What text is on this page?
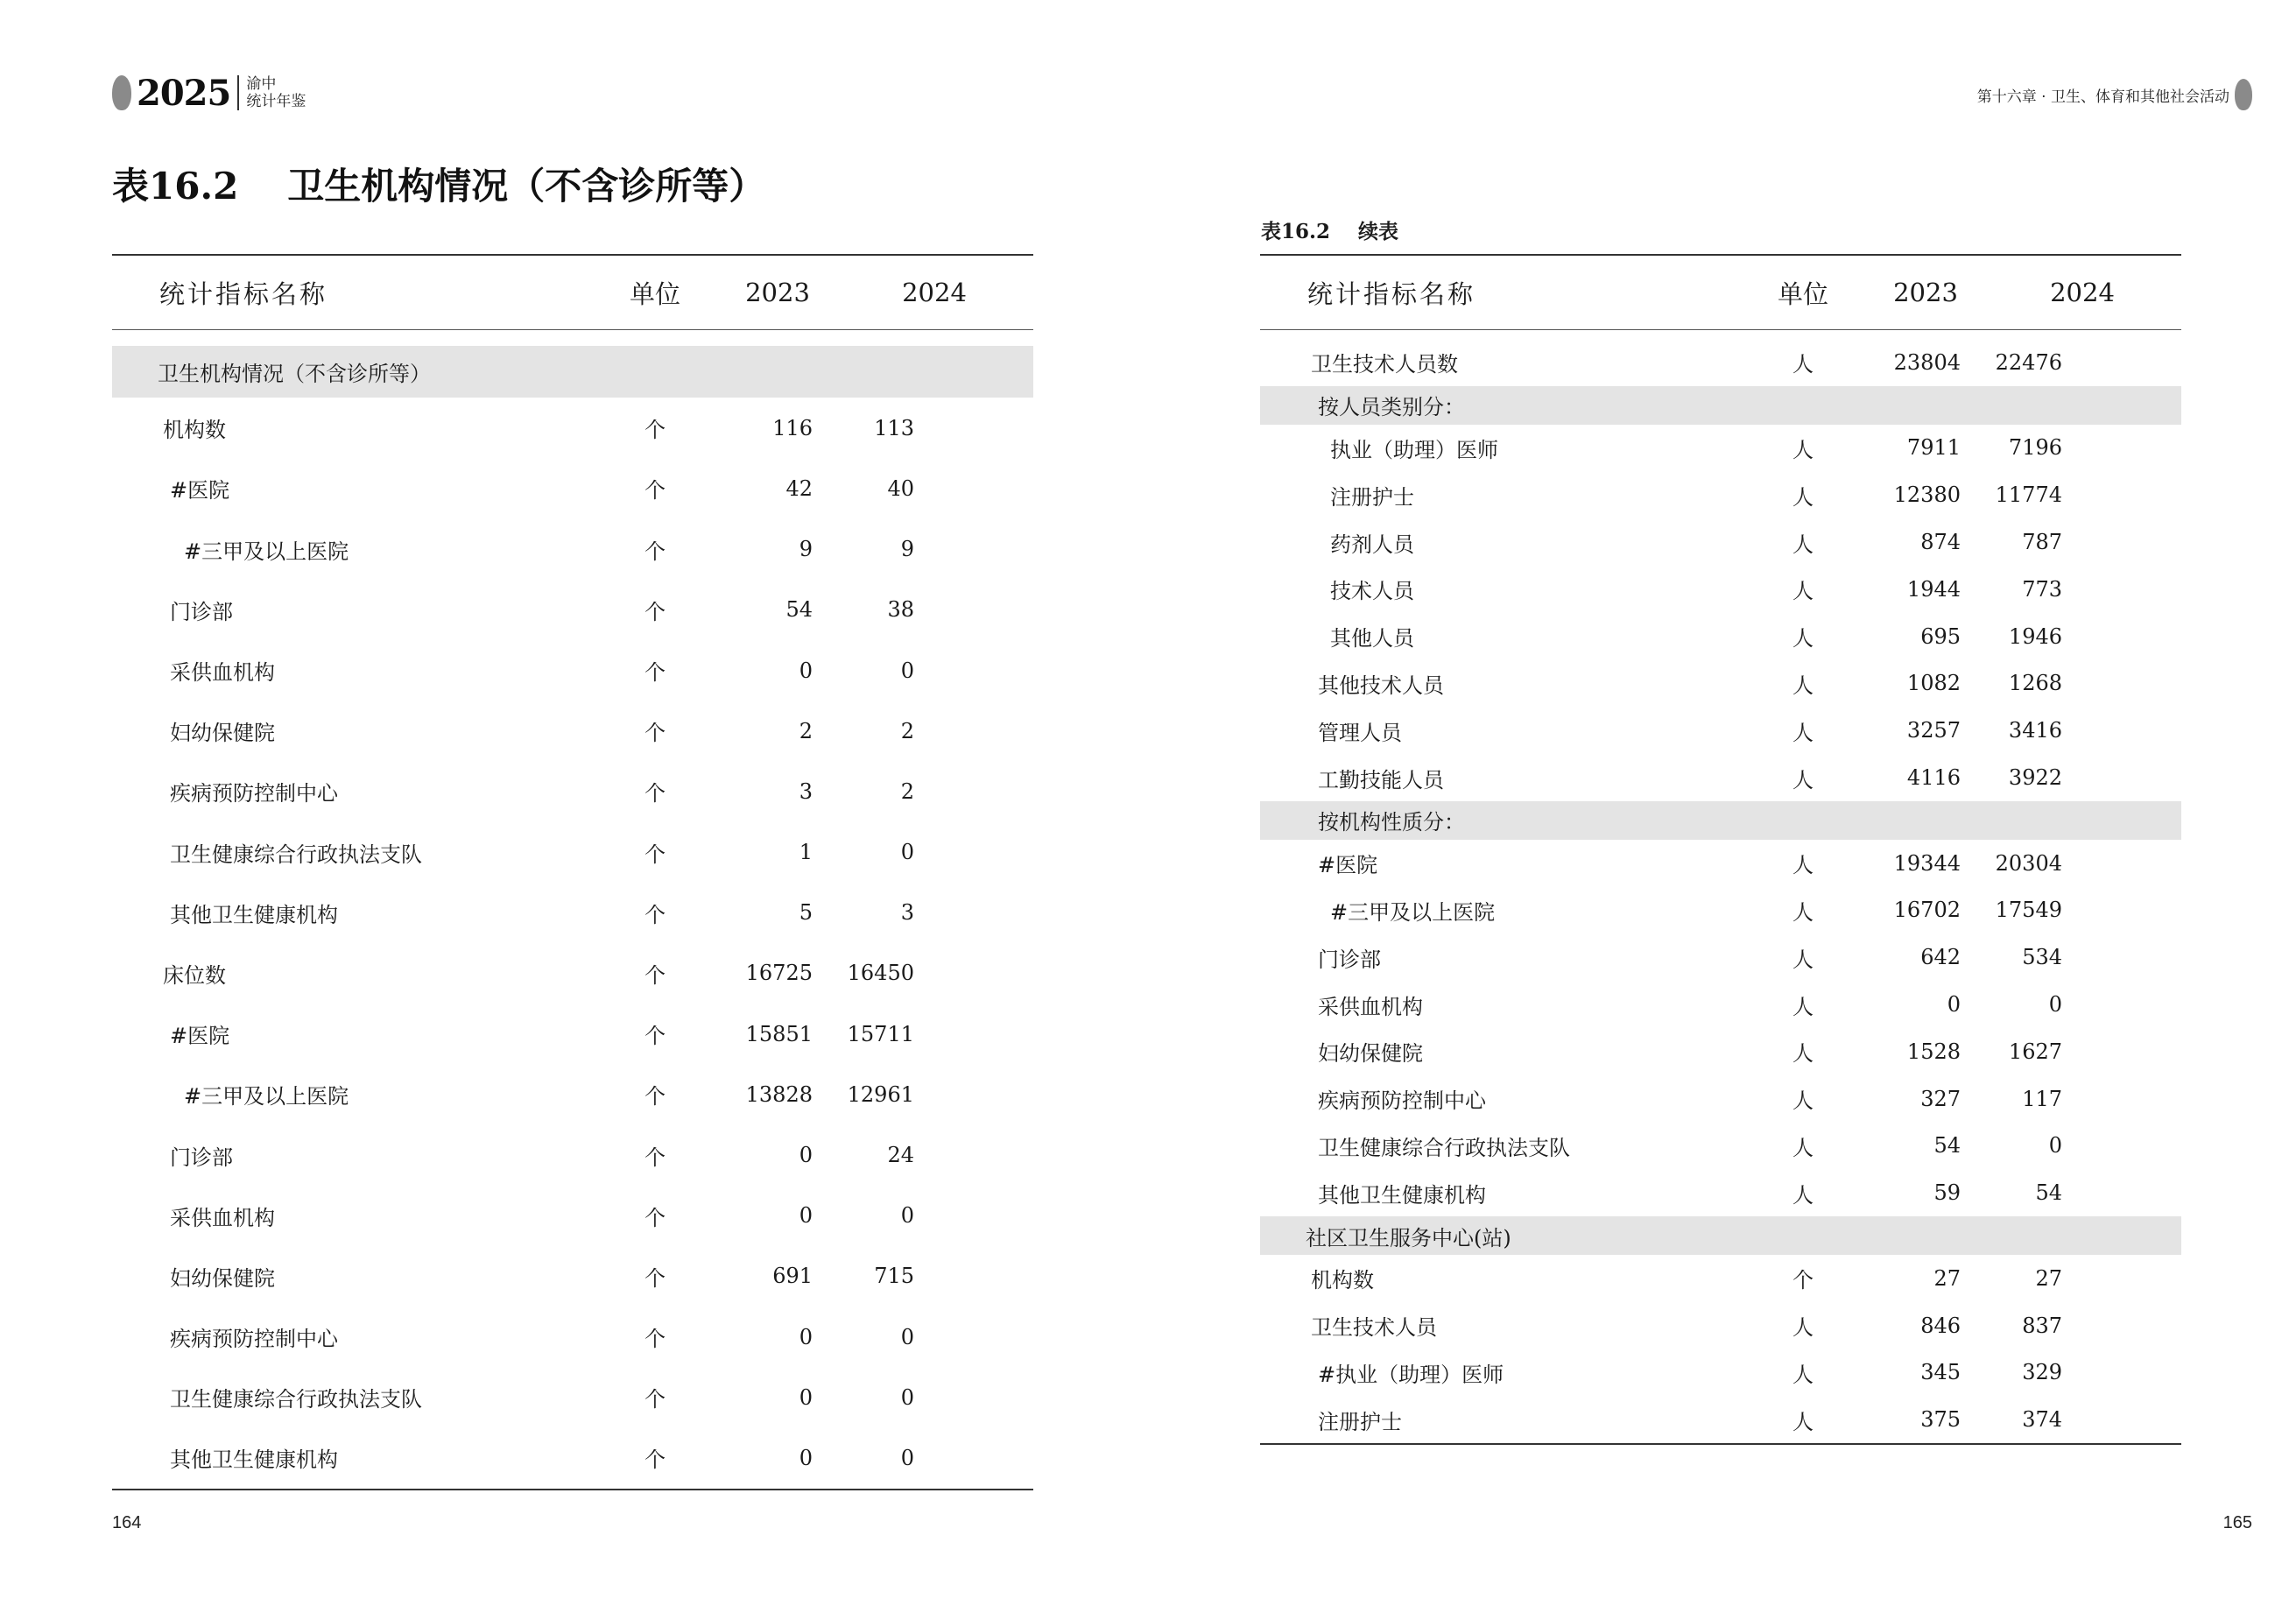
2025 渝中
统计年鉴
表16.2 卫生机构情况（不含诊所等）
统计指标名称	单位	2023	2024
卫生机构情况（不含诊所等）
机构数	个	116	113
#医院	个	42	40
#三甲及以上医院	个	9	9
门诊部	个	54	38
采供血机构	个	0	0
妇幼保健院	个	2	2
疾病预防控制中心	个	3	2
卫生健康综合行政执法支队	个	1	0
其他卫生健康机构	个	5	3
床位数	个	16725	16450
#医院	个	15851	15711
#三甲及以上医院	个	13828	12961
门诊部	个	0	24
采供血机构	个	0	0
妇幼保健院	个	691	715
疾病预防控制中心	个	0	0
卫生健康综合行政执法支队	个	0	0
其他卫生健康机构	个	0	0
164
第十六章 · 卫生、体育和其他社会活动
表16.2 续表
统计指标名称	单位	2023	2024
卫生技术人员数	人	23804	22476
按人员类别分：
执业（助理）医师	人	7911	7196
注册护士	人	12380	11774
药剂人员	人	874	787
技术人员	人	1944	773
其他人员	人	695	1946
其他技术人员	人	1082	1268
管理人员	人	3257	3416
工勤技能人员	人	4116	3922
按机构性质分：
#医院	人	19344	20304
#三甲及以上医院	人	16702	17549
门诊部	人	642	534
采供血机构	人	0	0
妇幼保健院	人	1528	1627
疾病预防控制中心	人	327	117
卫生健康综合行政执法支队	人	54	0
其他卫生健康机构	人	59	54
社区卫生服务中心(站)
机构数	个	27	27
卫生技术人员	人	846	837
#执业（助理）医师	人	345	329
注册护士	人	375	374
165
